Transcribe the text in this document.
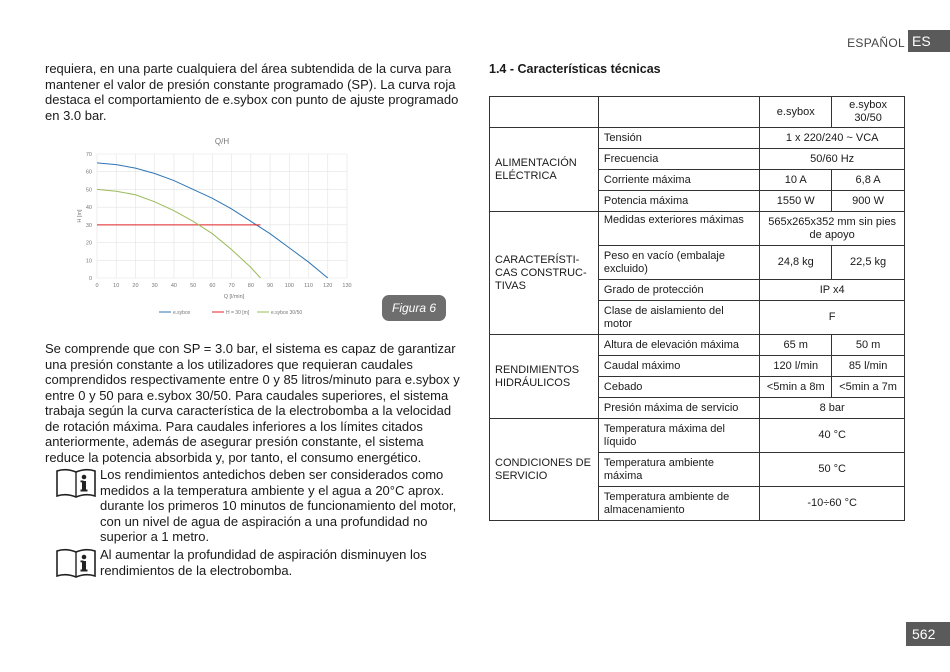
ESPAÑOL ES

requiera, en una parte cualquiera del área subtendida de la curva para mantener el valor de presión constante programado (SP). La curva roja destaca el comportamiento de e.sybox con punto de ajuste programado en 3.0 bar.

Q/H
0	10 20 30 40 50 60 70 80 90 100 110 120 130
0
10
20
30
40
50
60
70
Q [l/min]
H [m]
e.sybox	H = 30 [m]	e.sybox 30/50	Figura 6

Se comprende que con SP = 3.0 bar, el sistema es capaz de garantizar una presión constante a los utilizadores que requieran caudales comprendidos respectivamente entre 0 y 85 litros/minuto para e.sybox y entre 0 y 50 para e.sybox 30/50. Para caudales superiores, el sistema trabaja según la curva característica de la electrobomba a la velocidad de rotación máxima. Para caudales inferiores a los límites citados anteriormente, además de asegurar presión constante, el sistema reduce la potencia absorbida y, por tanto, el consumo energético.

Los rendimientos antedichos deben ser considerados como medidos a la temperatura ambiente y el agua a 20°C aprox. durante los primeros 10 minutos de funcionamiento del motor, con un nivel de agua de aspiración a una profundidad no superior a 1 metro.

Al aumentar la profundidad de aspiración disminuyen los rendimientos de la electrobomba.

1.4 - Características técnicas
		e.sybox	e.sybox 30/50
ALIMENTACIÓN ELÉCTRICA	Tensión	1 x 220/240 ~ VCA	
	Frecuencia	50/60 Hz	
	Corriente máxima	10 A	6,8 A
	Potencia máxima	1550 W	900 W
CARACTERÍSTI-CAS CONSTRUC-TIVAS	Medidas exteriores máximas	565x265x352 mm sin pies de apoyo	
	Peso en vacío (embalaje excluido)	24,8 kg	22,5 kg
	Grado de protección	IP x4	
	Clase de aislamiento del motor	F	
RENDIMIENTOS HIDRÁULICOS	Altura de elevación máxima	65 m	50 m
	Caudal máximo	120 l/min	85 l/min
	Cebado	<5min a 8m	<5min a 7m
	Presión máxima de servicio	8 bar	
CONDICIONES DE SERVICIO	Temperatura máxima del líquido	40 °C	
	Temperatura ambiente máxima	50 °C	
	Temperatura ambiente de almacenamiento	-10÷60 °C	
562
